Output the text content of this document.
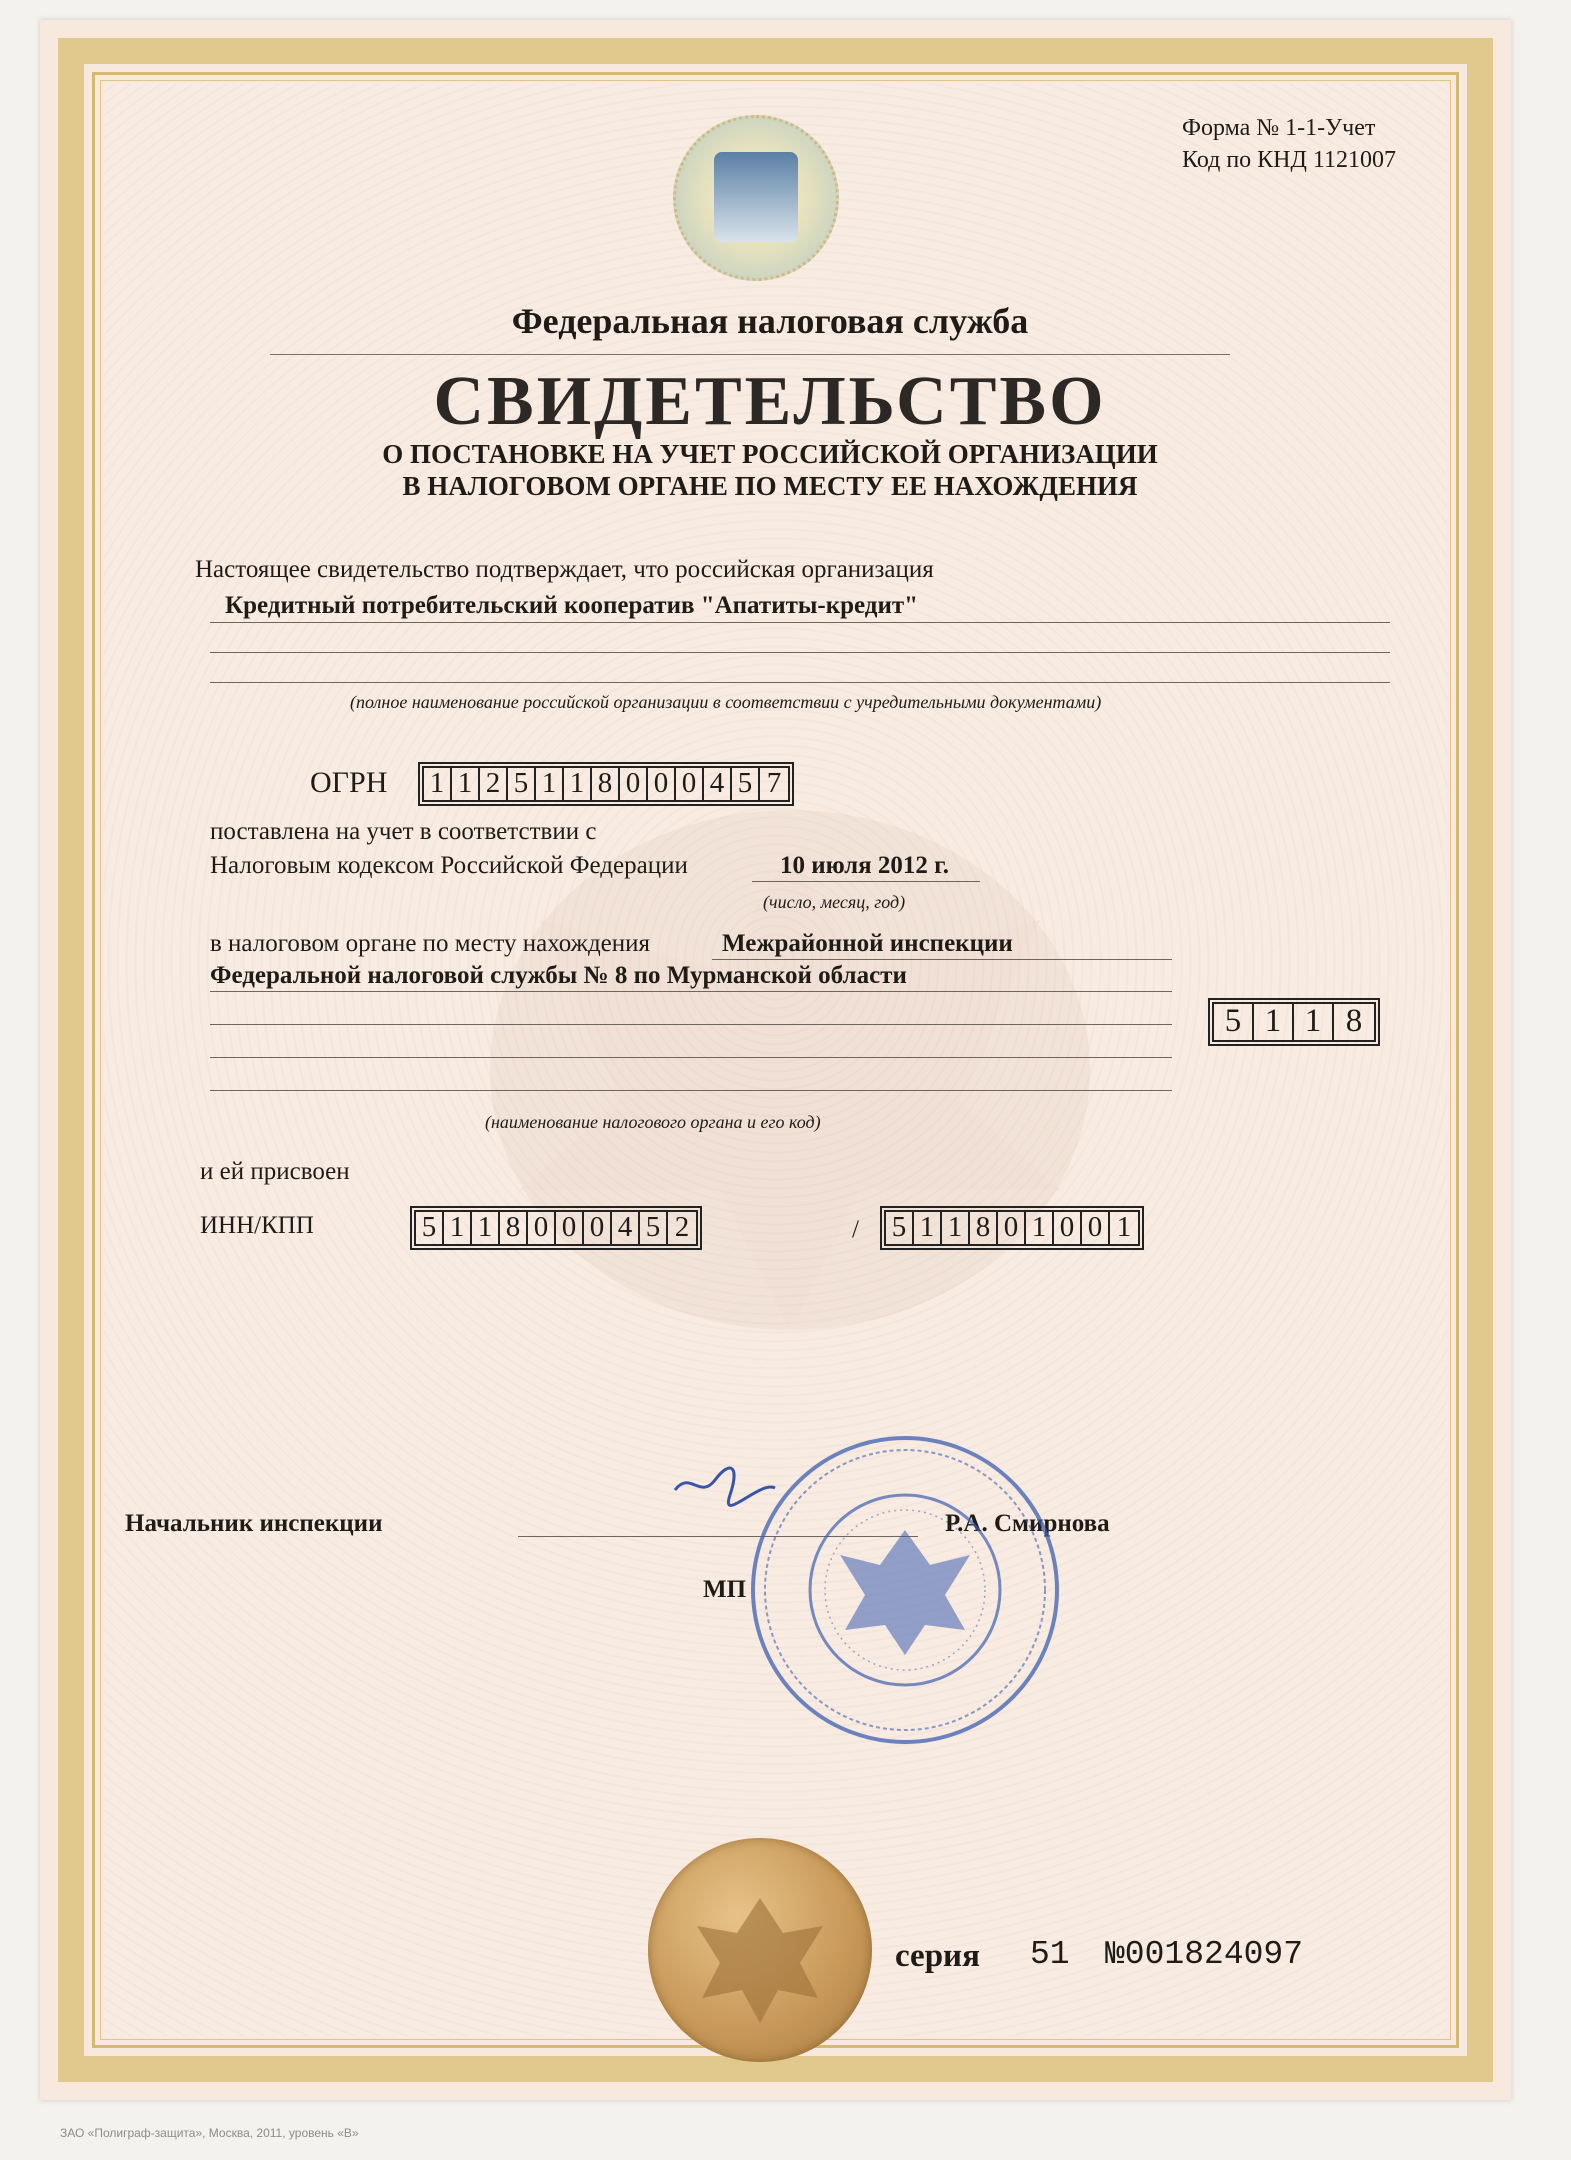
Форма № 1-1-Учет
Код по КНД 1121007
Федеральная налоговая служба
СВИДЕТЕЛЬСТВО
О ПОСТАНОВКЕ НА УЧЕТ РОССИЙСКОЙ ОРГАНИЗАЦИИ
В НАЛОГОВОМ ОРГАНЕ ПО МЕСТУ ЕЕ НАХОЖДЕНИЯ
Настоящее свидетельство подтверждает, что российская организация
Кредитный потребительский кооператив "Апатиты-кредит"
(полное наименование российской организации в соответствии с учредительными документами)
ОГРН 1 1 2 5 1 1 8 0 0 0 4 5 7
поставлена на учет в соответствии с
Налоговым кодексом Российской Федерации	10 июля 2012 г.
(число, месяц, год)
в налоговом органе по месту нахождения	Межрайонной инспекции
Федеральной налоговой службы № 8 по Мурманской области
5 1 1 8
(наименование налогового органа и его код)
и ей присвоен
ИНН/КПП	5 1 1 8 0 0 0 4 5 2	/ 5 1 1 8 0 1 0 0 1
Начальник инспекции	Р.А. Смирнова
МП
серия 51 №001824097
ЗАО «Полиграф-защита», Москва, 2011, уровень «В»
